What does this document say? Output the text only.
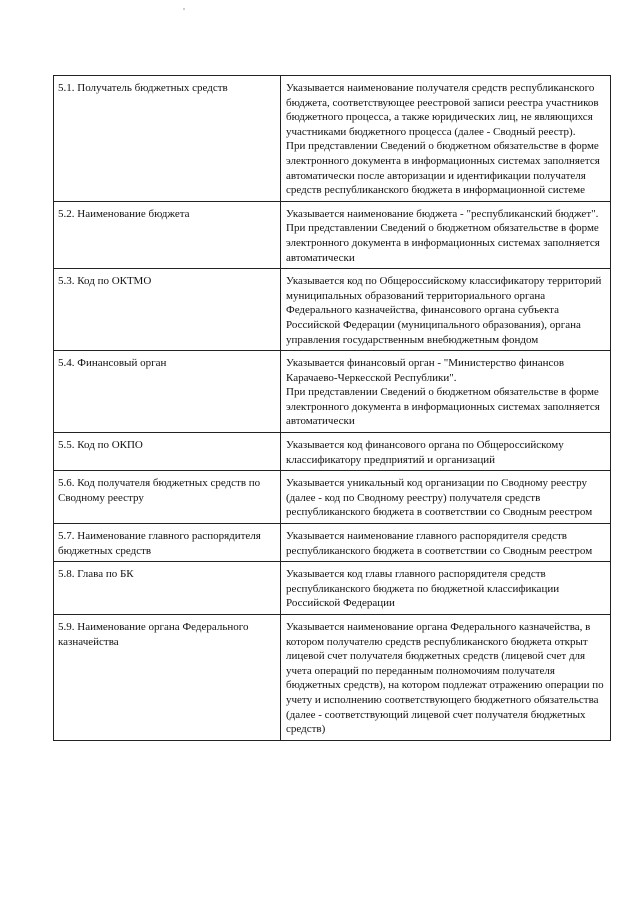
5.1. Получатель бюджетных средств	Указывается наименование получателя средств республиканского бюджета, соответствующее реестровой записи реестра участников бюджетного процесса, а также юридических лиц, не являющихся участниками бюджетного процесса (далее - Сводный реестр).
При представлении Сведений о бюджетном обязательстве в форме электронного документа в информационных системах заполняется автоматически после авторизации и идентификации получателя средств республиканского бюджета в информационной системе

5.2. Наименование бюджета	Указывается наименование бюджета - "республиканский бюджет".
При представлении Сведений о бюджетном обязательстве в форме электронного документа в информационных системах заполняется автоматически

5.3. Код по ОКТМО	Указывается код по Общероссийскому классификатору территорий муниципальных образований территориального органа Федерального казначейства, финансового органа субъекта Российской Федерации (муниципального образования), органа управления государственным внебюджетным фондом

5.4. Финансовый орган	Указывается финансовый орган - "Министерство финансов Карачаево-Черкесской Республики".
При представлении Сведений о бюджетном обязательстве в форме электронного документа в информационных системах заполняется автоматически

5.5. Код по ОКПО	Указывается код финансового органа по Общероссийскому классификатору предприятий и организаций

5.6. Код получателя бюджетных средств по Сводному реестру	Указывается уникальный код организации по Сводному реестру (далее - код по Сводному реестру) получателя средств республиканского бюджета в соответствии со Сводным реестром

5.7. Наименование главного распорядителя бюджетных средств	Указывается наименование главного распорядителя средств республиканского бюджета в соответствии со Сводным реестром

5.8. Глава по БК	Указывается код главы главного распорядителя средств республиканского бюджета по бюджетной классификации Российской Федерации

5.9. Наименование органа Федерального казначейства	Указывается наименование органа Федерального казначейства, в котором получателю средств республиканского бюджета открыт лицевой счет получателя бюджетных средств (лицевой счет для учета операций по переданным полномочиям получателя бюджетных средств), на котором подлежат отражению операции по учету и исполнению соответствующего бюджетного обязательства (далее - соответствующий лицевой счет получателя бюджетных средств)
